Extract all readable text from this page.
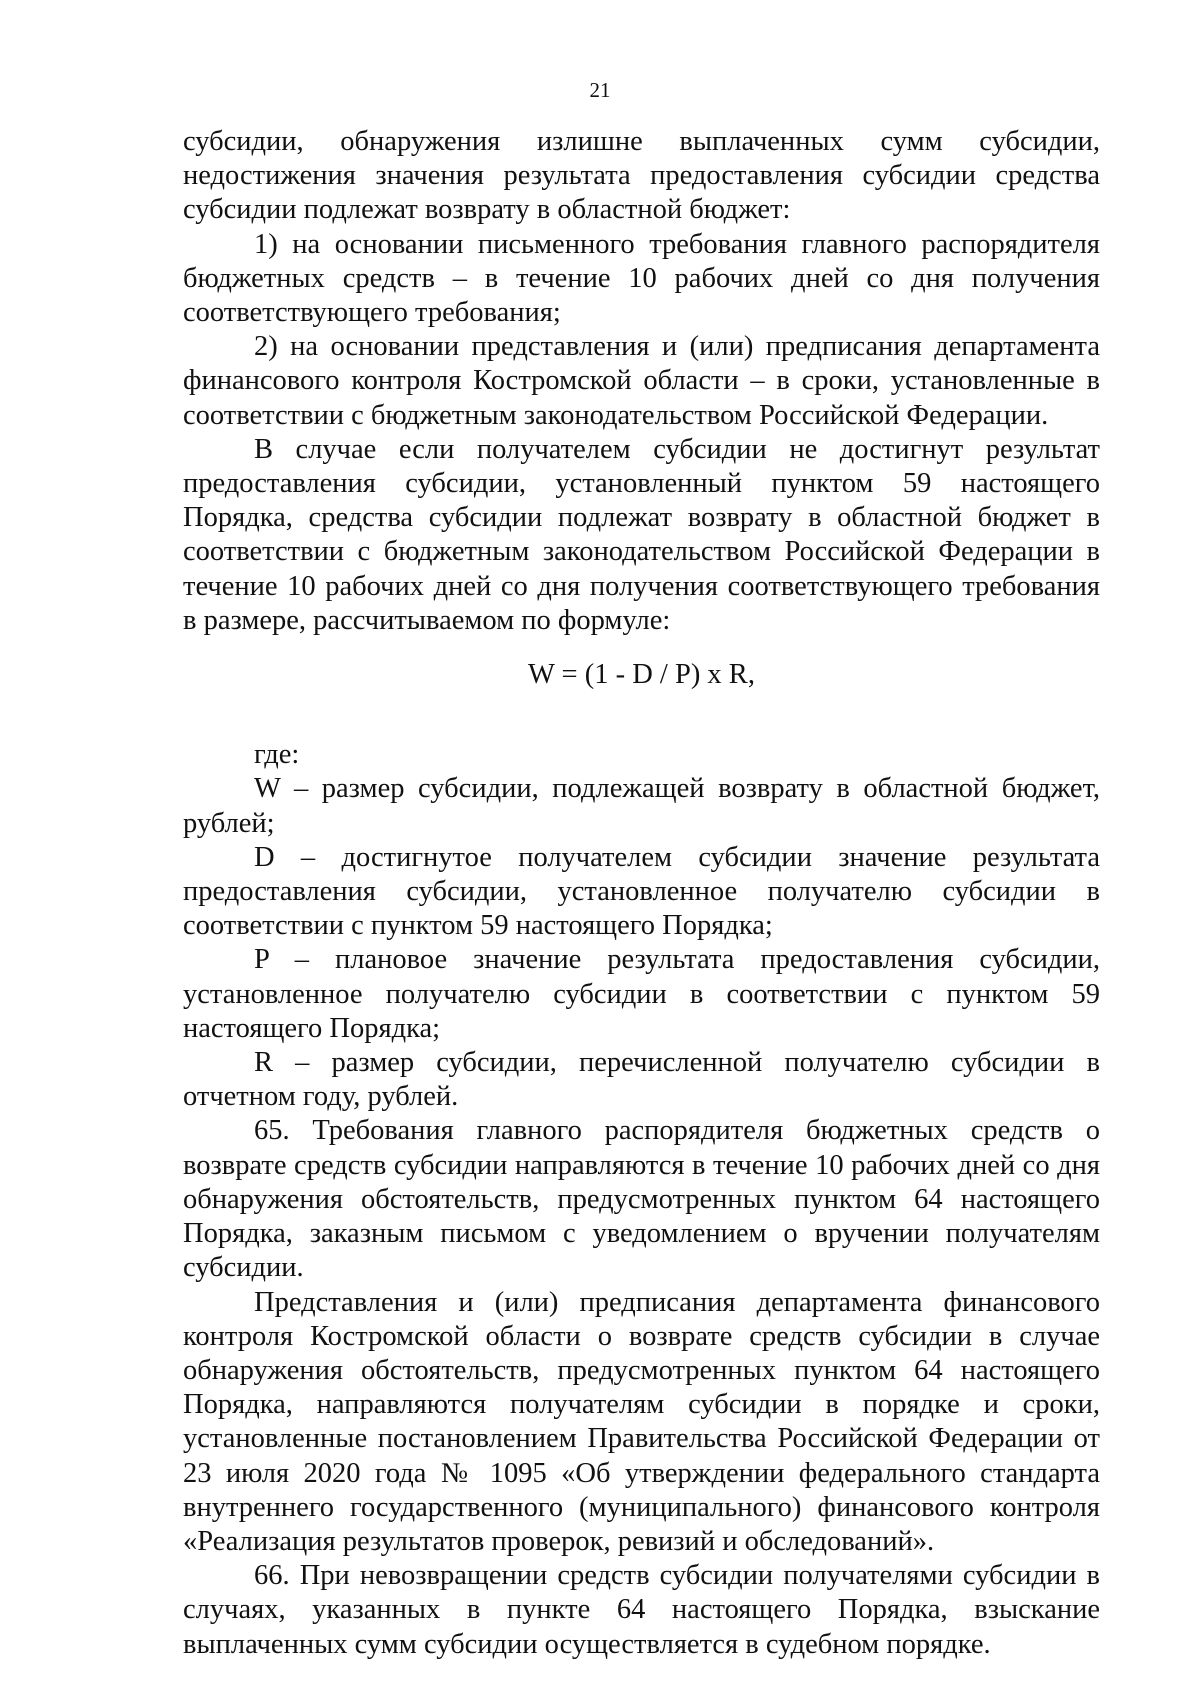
21

субсидии, обнаружения излишне выплаченных сумм субсидии, недостижения значения результата предоставления субсидии средства субсидии подлежат возврату в областной бюджет:

1) на основании письменного требования главного распорядителя бюджетных средств – в течение 10 рабочих дней со дня получения соответствующего требования;

2) на основании представления и (или) предписания департамента финансового контроля Костромской области – в сроки, установленные в соответствии с бюджетным законодательством Российской Федерации.

В случае если получателем субсидии не достигнут результат предоставления субсидии, установленный пунктом 59 настоящего Порядка, средства субсидии подлежат возврату в областной бюджет в соответствии с бюджетным законодательством Российской Федерации в течение 10 рабочих дней со дня получения соответствующего требования в размере, рассчитываемом по формуле:

W = (1 - D / P) x R,

где:

W – размер субсидии, подлежащей возврату в областной бюджет, рублей;

D – достигнутое получателем субсидии значение результата предоставления субсидии, установленное получателю субсидии в соответствии с пунктом 59 настоящего Порядка;

P – плановое значение результата предоставления субсидии, установленное получателю субсидии в соответствии с пунктом 59 настоящего Порядка;

R – размер субсидии, перечисленной получателю субсидии в отчетном году, рублей.

65. Требования главного распорядителя бюджетных средств о возврате средств субсидии направляются в течение 10 рабочих дней со дня обнаружения обстоятельств, предусмотренных пунктом 64 настоящего Порядка, заказным письмом с уведомлением о вручении получателям субсидии.

Представления и (или) предписания департамента финансового контроля Костромской области о возврате средств субсидии в случае обнаружения обстоятельств, предусмотренных пунктом 64 настоящего Порядка, направляются получателям субсидии в порядке и сроки, установленные постановлением Правительства Российской Федерации от 23 июля 2020 года № 1095 «Об утверждении федерального стандарта внутреннего государственного (муниципального) финансового контроля «Реализация результатов проверок, ревизий и обследований».

66. При невозвращении средств субсидии получателями субсидии в случаях, указанных в пункте 64 настоящего Порядка, взыскание выплаченных сумм субсидии осуществляется в судебном порядке.
